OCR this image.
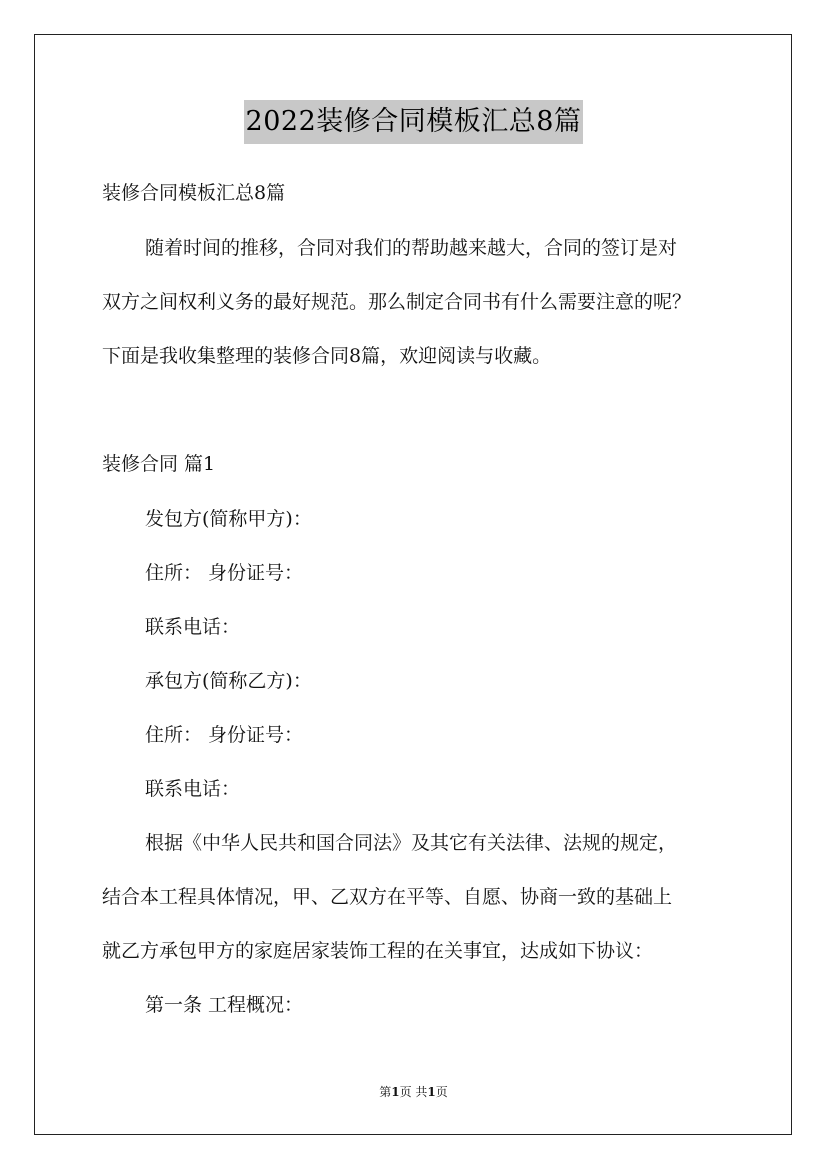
2022装修合同模板汇总8篇
装修合同模板汇总8篇
随着时间的推移，合同对我们的帮助越来越大，合同的签订是对
双方之间权利义务的最好规范。那么制定合同书有什么需要注意的呢？
下面是我收集整理的装修合同8篇，欢迎阅读与收藏。
装修合同 篇1
发包方(简称甲方)：
住所： 身份证号：
联系电话：
承包方(简称乙方)：
住所： 身份证号：
联系电话：
根据《中华人民共和国合同法》及其它有关法律、法规的规定，
结合本工程具体情况，甲、乙双方在平等、自愿、协商一致的基础上
就乙方承包甲方的家庭居家装饰工程的在关事宜，达成如下协议：
第一条 工程概况：
第1页 共1页
